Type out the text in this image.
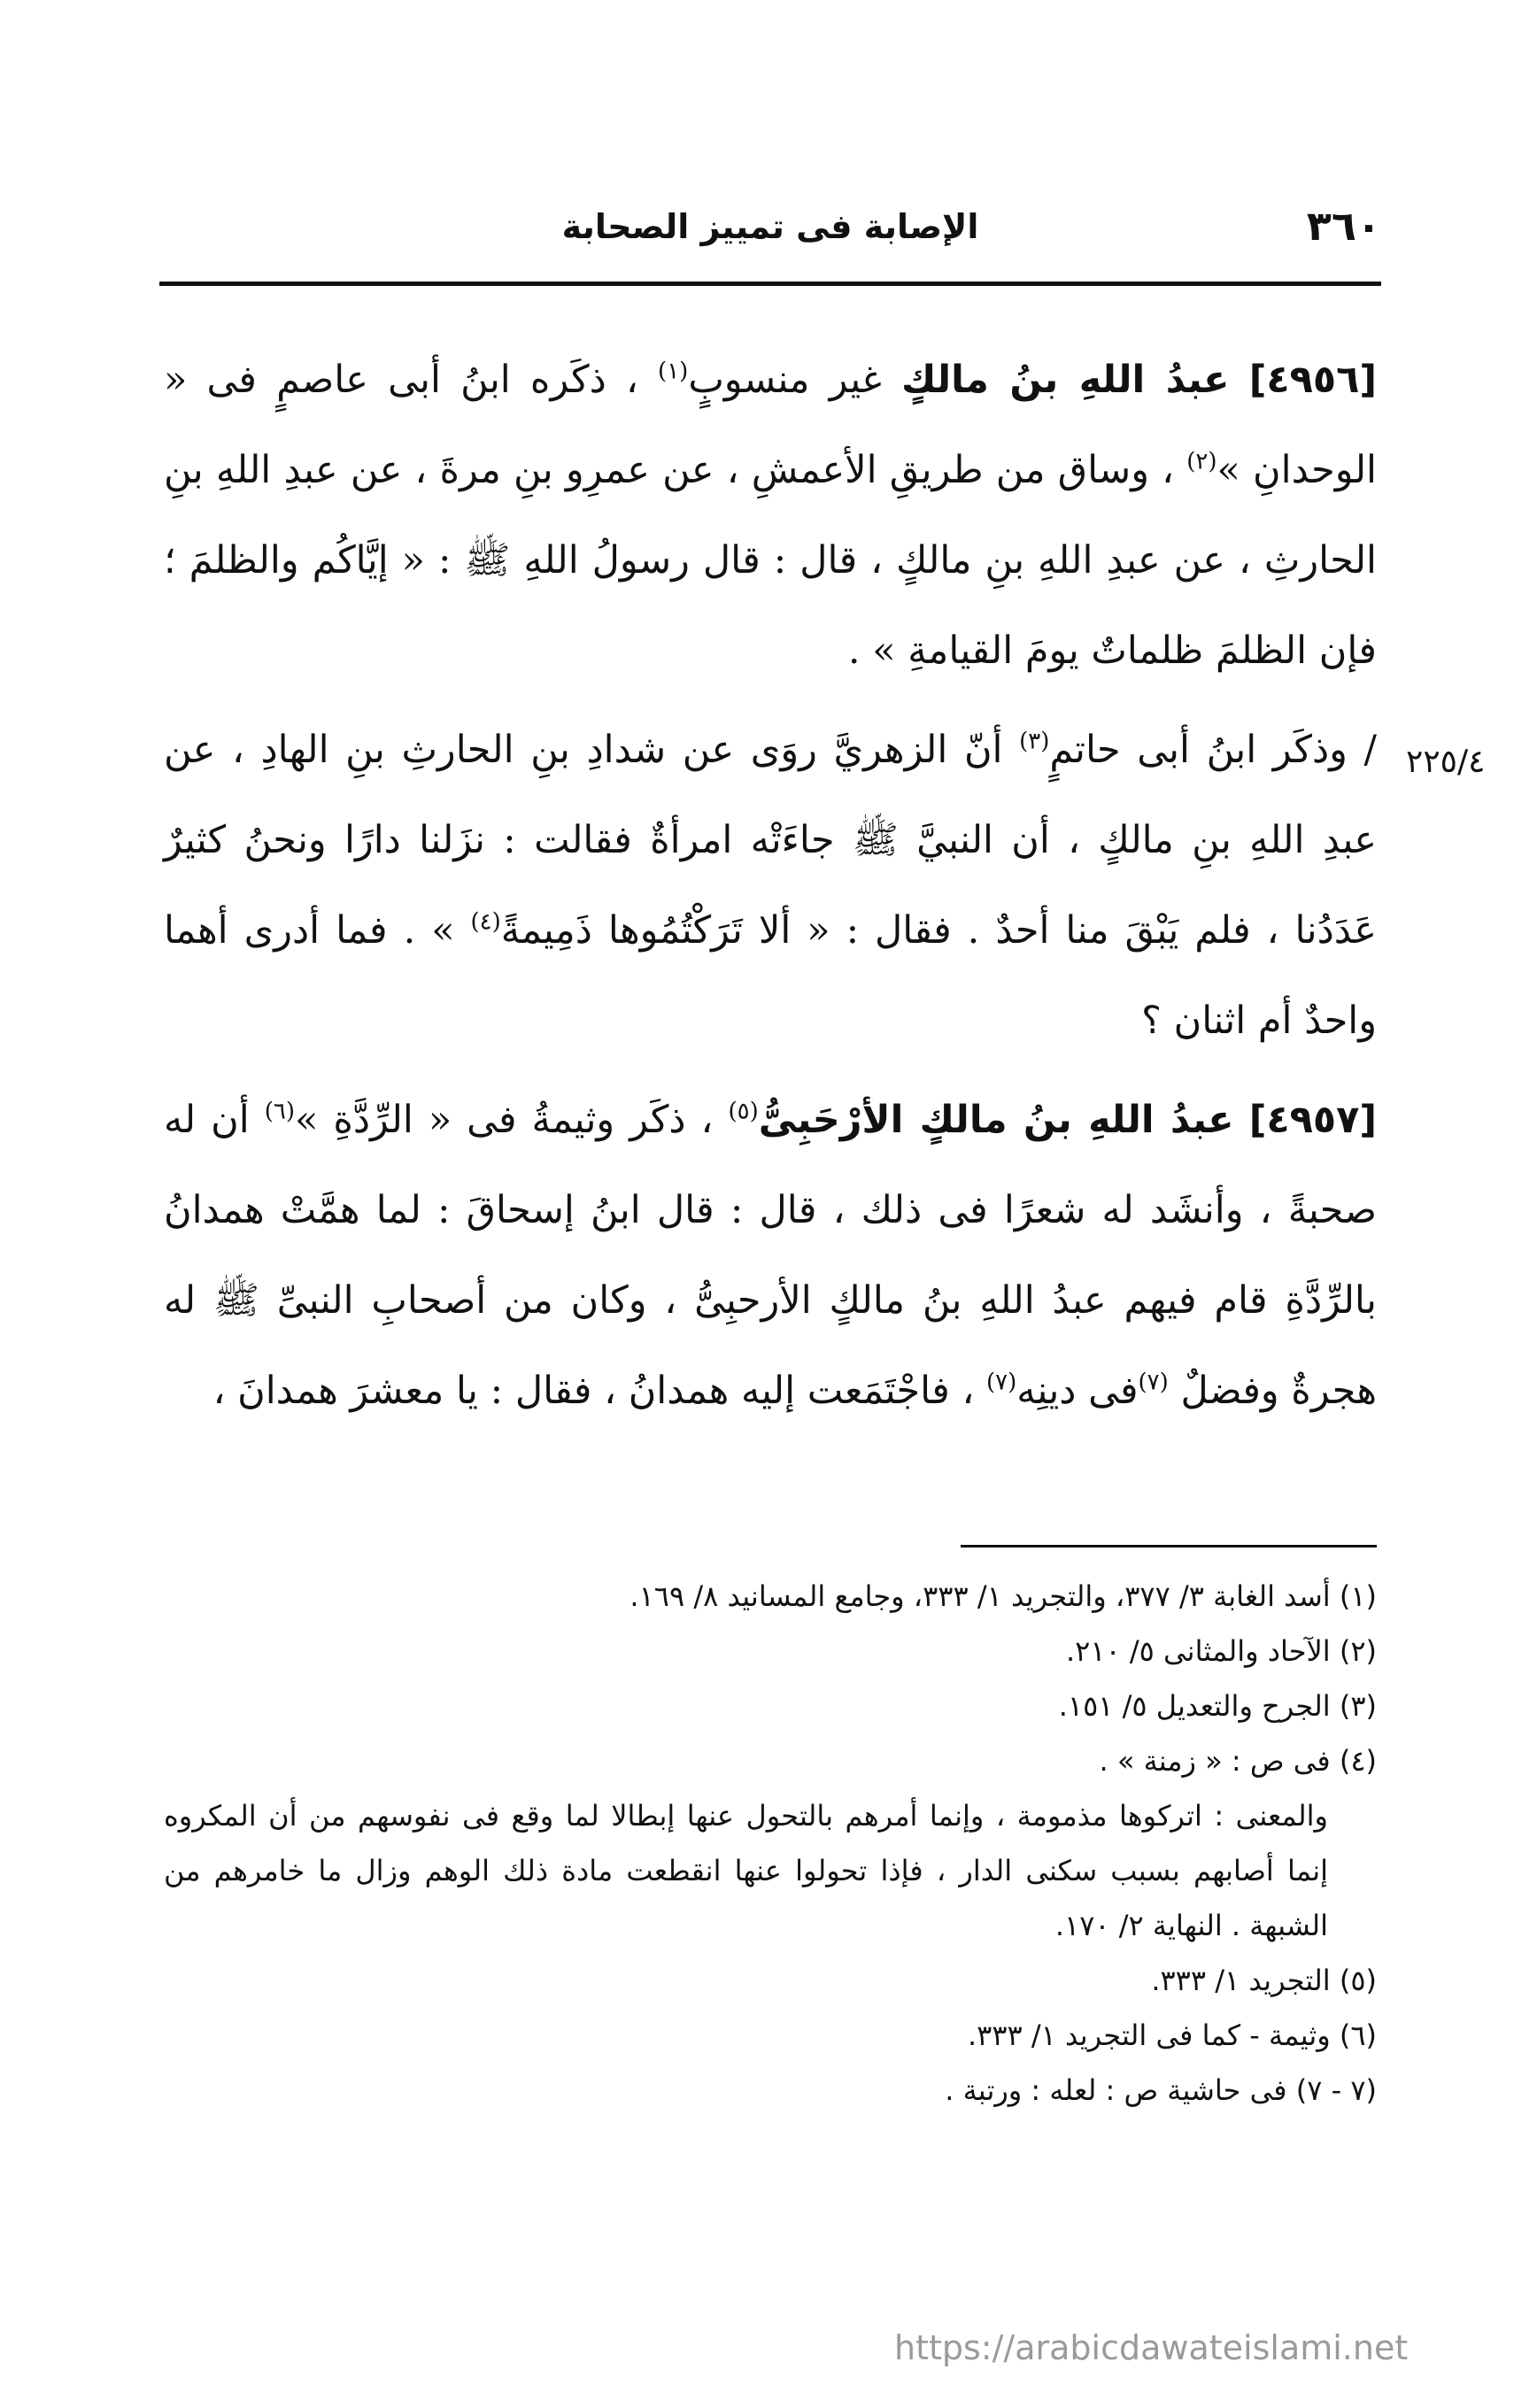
٣٦٠
الإصابة فى تمييز الصحابة

[٤٩٥٦] عبدُ اللهِ بنُ مالكٍ غير منسوبٍ$^{(١)}$ ، ذكَره ابنُ أبى عاصمٍ فى « الوحدانِ »$^{(٢)}$ ، وساق من طريقِ الأعمشِ ، عن عمرِو بنِ مرةَ ، عن عبدِ اللهِ بنِ الحارثِ ، عن عبدِ اللهِ بنِ مالكٍ ، قال : قال رسولُ اللهِ ﷺ : « إيَّاكُم والظلمَ ؛ فإن الظلمَ ظلماتٌ يومَ القيامةِ » .

/ وذكَر ابنُ أبى حاتمٍ$^{(٣)}$ أنّ الزهريَّ روَى عن شدادِ بنِ الحارثِ بنِ الهادِ ، عن عبدِ اللهِ بنِ مالكٍ ، أن النبيَّ ﷺ جاءَتْه امرأةٌ فقالت : نزَلنا دارًا ونحنُ كثيرٌ عَدَدُنا ، فلم يَبْقَ منا أحدٌ . فقال : « ألا تَرَكْتُمُوها ذَمِيمةً$^{(٤)}$ » . فما أدرى أهما واحدٌ أم اثنان ؟

[٤٩٥٧] عبدُ اللهِ بنُ مالكٍ الأرْحَبِىُّ$^{(٥)}$ ، ذكَر وثيمةُ فى « الرِّدَّةِ »$^{(٦)}$ أن له صحبةً ، وأنشَد له شعرًا فى ذلك ، قال : قال ابنُ إسحاقَ : لما همَّتْ همدانُ بالرِّدَّةِ قام فيهم عبدُ اللهِ بنُ مالكٍ الأرحبِىُّ ، وكان من أصحابِ النبىِّ ﷺ له هجرةٌ وفضلٌ $^{(٧)}$فى دينِه$^{(٧)}$ ، فاجْتَمَعت إليه همدانُ ، فقال : يا معشرَ همدانَ ،

٢٢٥/٤

(١) أسد الغابة ٣/ ٣٧٧، والتجريد ١/ ٣٣٣، وجامع المسانيد ٨/ ١٦٩.

(٢) الآحاد والمثانى ٥/ ٢١٠.

(٣) الجرح والتعديل ٥/ ١٥١.

(٤) فى ص : « زمنة » .

والمعنى : اتركوها مذمومة ، وإنما أمرهم بالتحول عنها إبطالا لما وقع فى نفوسهم من أن المكروه إنما أصابهم بسبب سكنى الدار ، فإذا تحولوا عنها انقطعت مادة ذلك الوهم وزال ما خامرهم من الشبهة . النهاية ٢/ ١٧٠.

(٥) التجريد ١/ ٣٣٣.

(٦) وثيمة - كما فى التجريد ١/ ٣٣٣.

(٧ - ٧) فى حاشية ص : لعله : ورتبة .

https://arabicdawateislami.net
